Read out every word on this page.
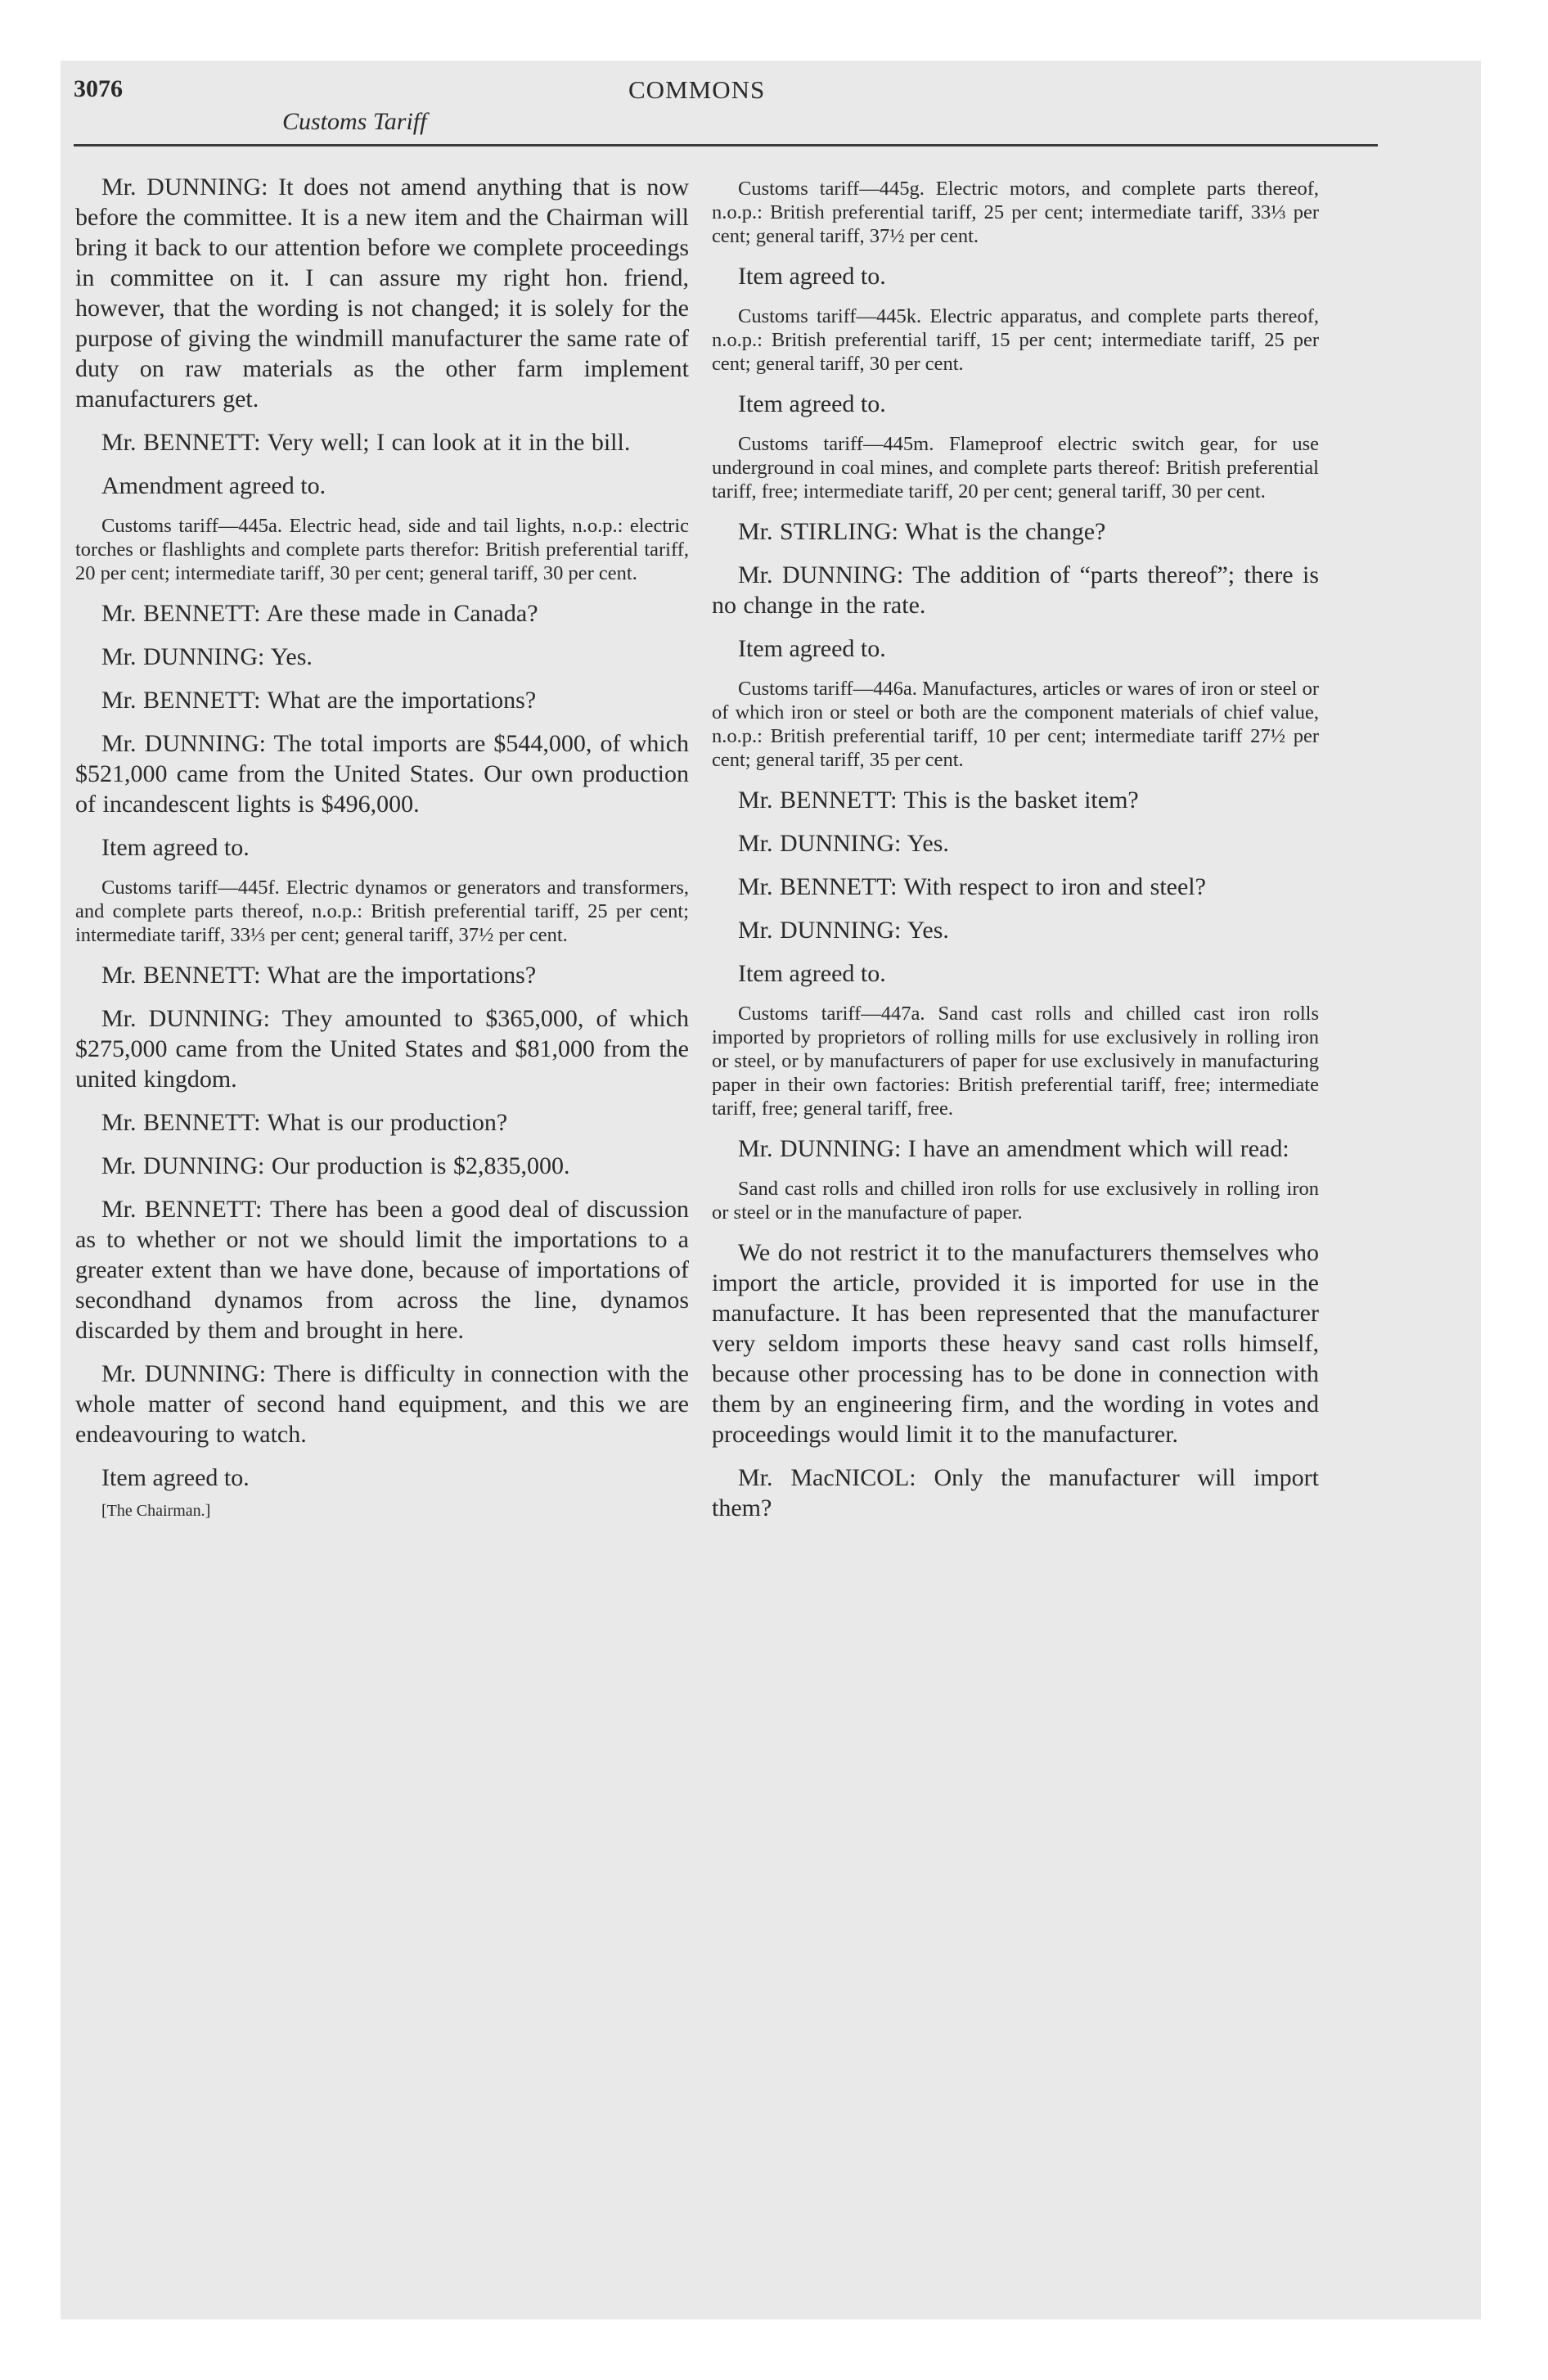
3076	COMMONS
Customs Tariff

Mr. DUNNING: It does not amend anything that is now before the committee. It is a new item and the Chairman will bring it back to our attention before we complete proceedings in committee on it. I can assure my right hon. friend, however, that the wording is not changed; it is solely for the purpose of giving the windmill manufacturer the same rate of duty on raw materials as the other farm implement manufacturers get.

Mr. BENNETT: Very well; I can look at it in the bill.

Amendment agreed to.

Customs tariff—445a. Electric head, side and tail lights, n.o.p.: electric torches or flashlights and complete parts therefor: British preferential tariff, 20 per cent; intermediate tariff, 30 per cent; general tariff, 30 per cent.

Mr. BENNETT: Are these made in Canada?

Mr. DUNNING: Yes.

Mr. BENNETT: What are the importations?

Mr. DUNNING: The total imports are $544,000, of which $521,000 came from the United States. Our own production of incandescent lights is $496,000.

Item agreed to.

Customs tariff—445f. Electric dynamos or generators and transformers, and complete parts thereof, n.o.p.: British preferential tariff, 25 per cent; intermediate tariff, 33⅓ per cent; general tariff, 37½ per cent.

Mr. BENNETT: What are the importations?

Mr. DUNNING: They amounted to $365,000, of which $275,000 came from the United States and $81,000 from the united kingdom.

Mr. BENNETT: What is our production?

Mr. DUNNING: Our production is $2,835,000.

Mr. BENNETT: There has been a good deal of discussion as to whether or not we should limit the importations to a greater extent than we have done, because of importations of secondhand dynamos from across the line, dynamos discarded by them and brought in here.

Mr. DUNNING: There is difficulty in connection with the whole matter of second hand equipment, and this we are endeavouring to watch.

Item agreed to.

[The Chairman.]

Customs tariff—445g. Electric motors, and complete parts thereof, n.o.p.: British preferential tariff, 25 per cent; intermediate tariff, 33⅓ per cent; general tariff, 37½ per cent.

Item agreed to.

Customs tariff—445k. Electric apparatus, and complete parts thereof, n.o.p.: British preferential tariff, 15 per cent; intermediate tariff, 25 per cent; general tariff, 30 per cent.

Item agreed to.

Customs tariff—445m. Flameproof electric switch gear, for use underground in coal mines, and complete parts thereof: British preferential tariff, free; intermediate tariff, 20 per cent; general tariff, 30 per cent.

Mr. STIRLING: What is the change?

Mr. DUNNING: The addition of “parts thereof”; there is no change in the rate.

Item agreed to.

Customs tariff—446a. Manufactures, articles or wares of iron or steel or of which iron or steel or both are the component materials of chief value, n.o.p.: British preferential tariff, 10 per cent; intermediate tariff 27½ per cent; general tariff, 35 per cent.

Mr. BENNETT: This is the basket item?

Mr. DUNNING: Yes.

Mr. BENNETT: With respect to iron and steel?

Mr. DUNNING: Yes.

Item agreed to.

Customs tariff—447a. Sand cast rolls and chilled cast iron rolls imported by proprietors of rolling mills for use exclusively in rolling iron or steel, or by manufacturers of paper for use exclusively in manufacturing paper in their own factories: British preferential tariff, free; intermediate tariff, free; general tariff, free.

Mr. DUNNING: I have an amendment which will read:

Sand cast rolls and chilled iron rolls for use exclusively in rolling iron or steel or in the manufacture of paper.

We do not restrict it to the manufacturers themselves who import the article, provided it is imported for use in the manufacture. It has been represented that the manufacturer very seldom imports these heavy sand cast rolls himself, because other processing has to be done in connection with them by an engineering firm, and the wording in votes and proceedings would limit it to the manufacturer.

Mr. MacNICOL: Only the manufacturer will import them?
